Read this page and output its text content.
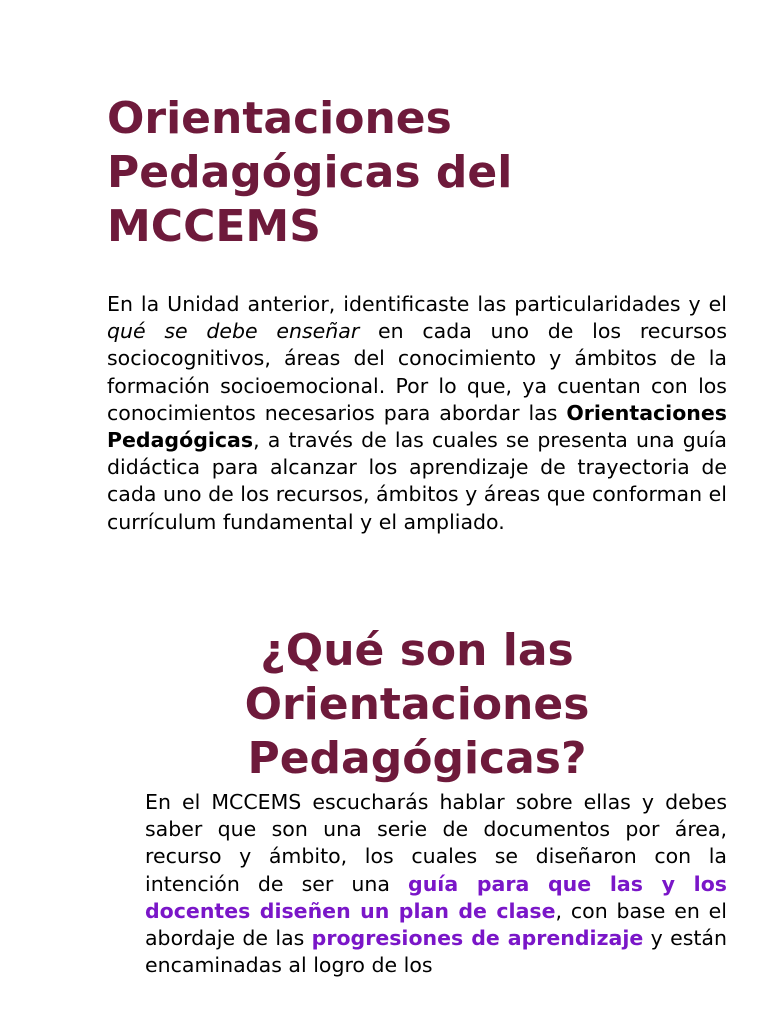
Orientaciones
Pedagógicas del
MCCEMS

En la Unidad anterior, identificaste las particularidades y el qué se debe enseñar en cada uno de los recursos sociocognitivos, áreas del conocimiento y ámbitos de la formación socioemocional. Por lo que, ya cuentan con los conocimientos necesarios para abordar las Orientaciones Pedagógicas, a través de las cuales se presenta una guía didáctica para alcanzar los aprendizaje de trayectoria de cada uno de los recursos, ámbitos y áreas que conforman el currículum fundamental y el ampliado.

¿Qué son las
Orientaciones
Pedagógicas?

En el MCCEMS escucharás hablar sobre ellas y debes saber que son una serie de documentos por área, recurso y ámbito, los cuales se diseñaron con la intención de ser una guía para que las y los docentes diseñen un plan de clase, con base en el abordaje de las progresiones de aprendizaje y están encaminadas al logro de los
